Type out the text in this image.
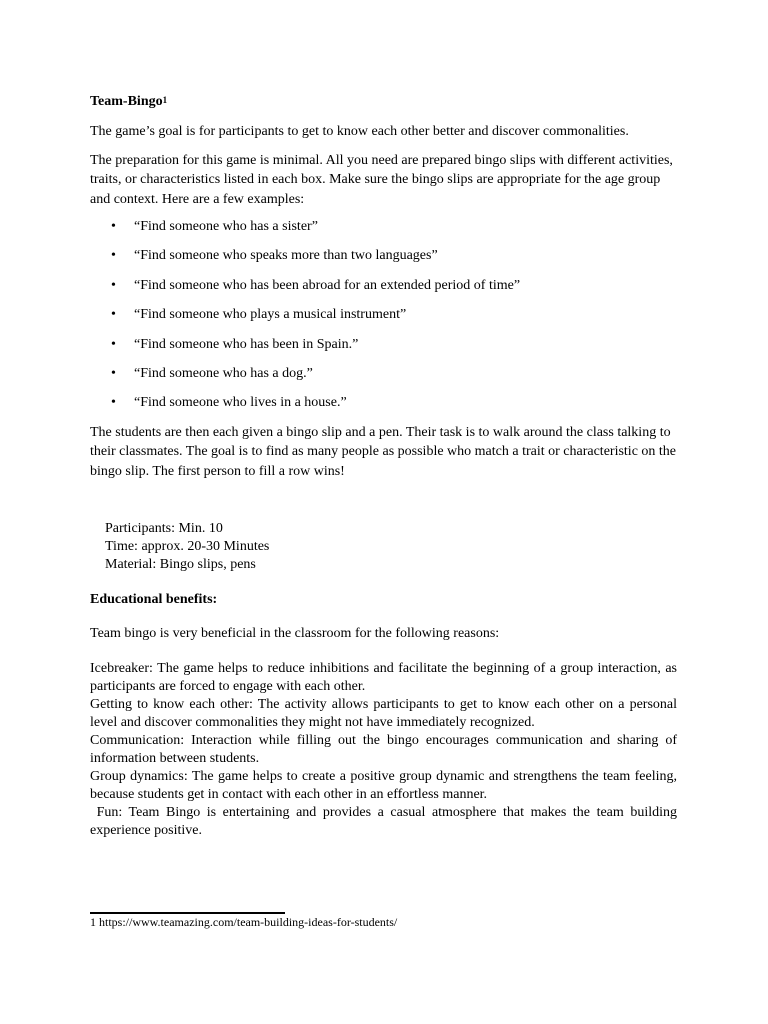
Team-Bingo$^1$

The game’s goal is for participants to get to know each other better and discover commonalities.

The preparation for this game is minimal. All you need are prepared bingo slips with different activities, traits, or characteristics listed in each box. Make sure the bingo slips are appropriate for the age group and context. Here are a few examples:

• “Find someone who has a sister”
• “Find someone who speaks more than two languages”
• “Find someone who has been abroad for an extended period of time”
• “Find someone who plays a musical instrument”
• “Find someone who has been in Spain.”
• “Find someone who has a dog.”
• “Find someone who lives in a house.”

The students are then each given a bingo slip and a pen. Their task is to walk around the class talking to their classmates. The goal is to find as many people as possible who match a trait or characteristic on the bingo slip. The first person to fill a row wins!

Participants: Min. 10
Time: approx. 20-30 Minutes
Material: Bingo slips, pens

Educational benefits:

Team bingo is very beneficial in the classroom for the following reasons:

Icebreaker: The game helps to reduce inhibitions and facilitate the beginning of a group interaction, as participants are forced to engage with each other.

Getting to know each other: The activity allows participants to get to know each other on a personal level and discover commonalities they might not have immediately recognized.

Communication: Interaction while filling out the bingo encourages communication and sharing of information between students.

Group dynamics: The game helps to create a positive group dynamic and strengthens the team feeling, because students get in contact with each other in an effortless manner.

Fun: Team Bingo is entertaining and provides a casual atmosphere that makes the team building experience positive.

1 https://www.teamazing.com/team-building-ideas-for-students/
